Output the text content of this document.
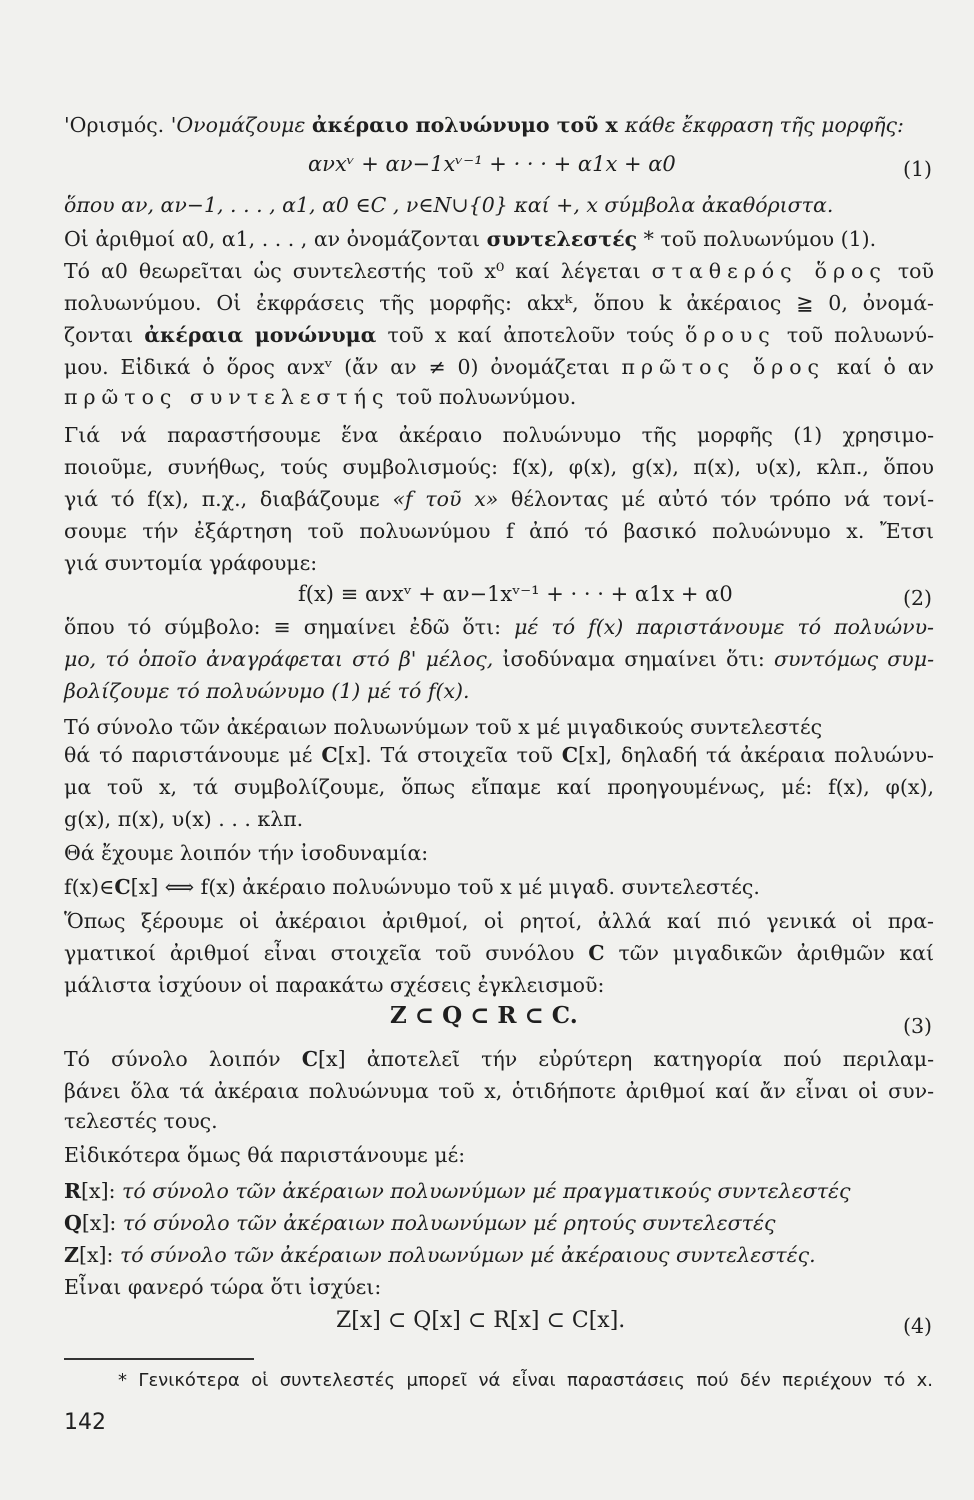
'Ορισμός. 'Ονομάζουμε ἀκέραιο πολυώνυμο τοῦ x κάθε ἔκφραση τῆς μορφῆς:
ὅπου αν, αν−1, . . . , α1, α0 ∈C , ν∈N∪{0} καί +, x σύμβολα ἀκαθόριστα.
Οἱ ἀριθμοί α0, α1, . . . , αν ὀνομάζονται συντελεστές * τοῦ πολυωνύμου (1).
Τό α0 θεωρεῖται ὡς συντελεστής τοῦ x⁰ καί λέγεται σταθερός ὅρος τοῦ
πολυωνύμου. Οἱ ἐκφράσεις τῆς μορφῆς: αkxᵏ, ὅπου k ἀκέραιος ≧ 0, ὀνομά-
ζονται ἀκέραια μονώνυμα τοῦ x καί ἀποτελοῦν τούς ὅρους τοῦ πολυωνύ-
μου. Εἰδικά ὁ ὅρος ανxᵛ (ἄν αν ≠ 0) ὀνομάζεται πρῶτος ὅρος καί ὁ αν
πρῶτος συντελεστής τοῦ πολυωνύμου.
Γιά νά παραστήσουμε ἕνα ἀκέραιο πολυώνυμο τῆς μορφῆς (1) χρησιμο-
ποιοῦμε, συνήθως, τούς συμβολισμούς: f(x), φ(x), g(x), π(x), υ(x), κλπ., ὅπου
γιά τό f(x), π.χ., διαβάζουμε «f τοῦ x» θέλοντας μέ αὐτό τόν τρόπο νά τονί-
σουμε τήν ἐξάρτηση τοῦ πολυωνύμου f ἀπό τό βασικό πολυώνυμο x. Ἔτσι
γιά συντομία γράφουμε:
ὅπου τό σύμβολο: ≡ σημαίνει ἐδῶ ὅτι: μέ τό f(x) παριστάνουμε τό πολυώνυ-
μο, τό ὁποῖο ἀναγράφεται στό β' μέλος, ἰσοδύναμα σημαίνει ὅτι: συντόμως συμ-
βολίζουμε τό πολυώνυμο (1) μέ τό f(x).
Τό σύνολο τῶν ἀκέραιων πολυωνύμων τοῦ x μέ μιγαδικούς συντελεστές
θά τό παριστάνουμε μέ C[x]. Τά στοιχεῖα τοῦ C[x], δηλαδή τά ἀκέραια πολυώνυ-
μα τοῦ x, τά συμβολίζουμε, ὅπως εἴπαμε καί προηγουμένως, μέ: f(x), φ(x),
g(x), π(x), υ(x) . . . κλπ.
Θά ἔχουμε λοιπόν τήν ἰσοδυναμία:
f(x)∈C[x] ⟺ f(x) ἀκέραιο πολυώνυμο τοῦ x μέ μιγαδ. συντελεστές.
Ὅπως ξέρουμε οἱ ἀκέραιοι ἀριθμοί, οἱ ρητοί, ἀλλά καί πιό γενικά οἱ πρα-
γματικοί ἀριθμοί εἶναι στοιχεῖα τοῦ συνόλου C τῶν μιγαδικῶν ἀριθμῶν καί
μάλιστα ἰσχύουν οἱ παρακάτω σχέσεις ἐγκλεισμοῦ:
Τό σύνολο λοιπόν C[x] ἀποτελεῖ τήν εὐρύτερη κατηγορία πού περιλαμ-
βάνει ὅλα τά ἀκέραια πολυώνυμα τοῦ x, ὁτιδήποτε ἀριθμοί καί ἄν εἶναι οἱ συν-
τελεστές τους.
Εἰδικότερα ὅμως θά παριστάνουμε μέ:
R[x]: τό σύνολο τῶν ἀκέραιων πολυωνύμων μέ πραγματικούς συντελεστές
Q[x]: τό σύνολο τῶν ἀκέραιων πολυωνύμων μέ ρητούς συντελεστές
Z[x]: τό σύνολο τῶν ἀκέραιων πολυωνύμων μέ ἀκέραιους συντελεστές.
Εἶναι φανερό τώρα ὅτι ἰσχύει:
ανxᵛ + αν−1xᵛ⁻¹ + · · · + α1x + α0	(1)
f(x) ≡ ανxᵛ + αν−1xᵛ⁻¹ + · · · + α1x + α0	(2)
Z ⊂ Q ⊂ R ⊂ C.	(3)
Z[x] ⊂ Q[x] ⊂ R[x] ⊂ C[x].	(4)
* Γενικότερα οἱ συντελεστές μπορεῖ νά εἶναι παραστάσεις πού δέν περιέχουν τό x.
142
